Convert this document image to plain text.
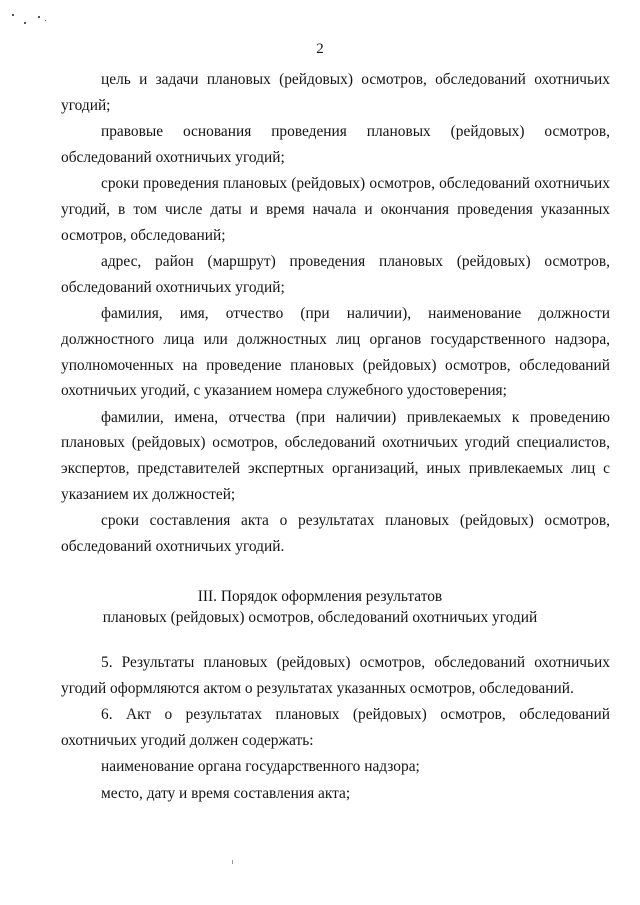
2

цель и задачи плановых (рейдовых) осмотров, обследований охотничьих угодий;

правовые основания проведения плановых (рейдовых) осмотров, обследований охотничьих угодий;

сроки проведения плановых (рейдовых) осмотров, обследований охотничьих угодий, в том числе даты и время начала и окончания проведения указанных осмотров, обследований;

адрес, район (маршрут) проведения плановых (рейдовых) осмотров, обследований охотничьих угодий;

фамилия, имя, отчество (при наличии), наименование должности должностного лица или должностных лиц органов государственного надзора, уполномоченных на проведение плановых (рейдовых) осмотров, обследований охотничьих угодий, с указанием номера служебного удостоверения;

фамилии, имена, отчества (при наличии) привлекаемых к проведению плановых (рейдовых) осмотров, обследований охотничьих угодий специалистов, экспертов, представителей экспертных организаций, иных привлекаемых лиц с указанием их должностей;

сроки составления акта о результатах плановых (рейдовых) осмотров, обследований охотничьих угодий.

III. Порядок оформления результатов
плановых (рейдовых) осмотров, обследований охотничьих угодий

5. Результаты плановых (рейдовых) осмотров, обследований охотничьих угодий оформляются актом о результатах указанных осмотров, обследований.

6. Акт о результатах плановых (рейдовых) осмотров, обследований охотничьих угодий должен содержать:

наименование органа государственного надзора;

место, дату и время составления акта;
